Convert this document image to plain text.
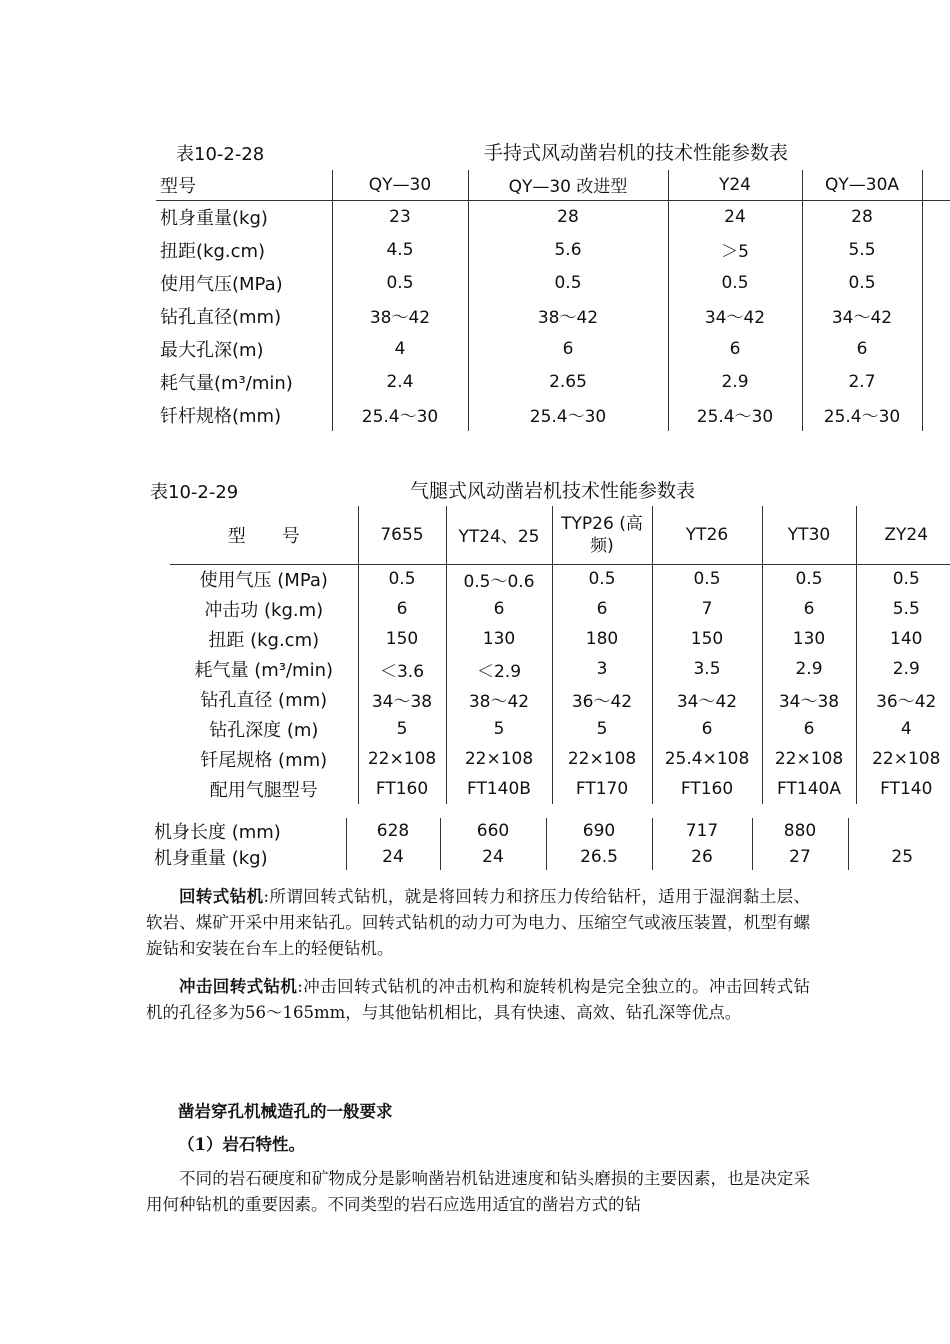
表10-2-28	手持式风动凿岩机的技术性能参数表
型号	QY—30	QY—30 改进型	Y24	QY—30A	
机身重量(kg)	23	28	24	28	
扭距(kg.cm)	4.5	5.6	＞5	5.5	
使用气压(MPa)	0.5	0.5	0.5	0.5	
钻孔直径(mm)	38～42	38～42	34～42	34～42	
最大孔深(m)	4	6	6	6	
耗气量(m³/min)	2.4	2.65	2.9	2.7	
钎杆规格(mm)	25.4～30	25.4～30	25.4～30	25.4～30	
表10-2-29	气腿式风动凿岩机技术性能参数表
型　　号	7655	YT24、25	TYP26 (高频)	YT26	YT30	ZY24
使用气压 (MPa)	0.5	0.5～0.6	0.5	0.5	0.5	0.5
冲击功 (kg.m)	6	6	6	7	6	5.5
扭距 (kg.cm)	150	130	180	150	130	140
耗气量 (m³/min)	＜3.6	＜2.9	3	3.5	2.9	2.9
钻孔直径 (mm)	34～38	38～42	36～42	34～42	34～38	36～42
钻孔深度 (m)	5	5	5	6	6	4
钎尾规格 (mm)	22×108	22×108	22×108	25.4×108	22×108	22×108
配用气腿型号	FT160	FT140B	FT170	FT160	FT140A	FT140
机身长度 (mm)	628	660	690	717	880	
机身重量 (kg)	24	24	26.5	26	27	25
回转式钻机:所谓回转式钻机，就是将回转力和挤压力传给钻杆，适用于湿润黏土层、软岩、煤矿开采中用来钻孔。回转式钻机的动力可为电力、压缩空气或液压装置，机型有螺旋钻和安装在台车上的轻便钻机。
冲击回转式钻机:冲击回转式钻机的冲击机构和旋转机构是完全独立的。冲击回转式钻机的孔径多为56～165mm，与其他钻机相比，具有快速、高效、钻孔深等优点。
凿岩穿孔机械造孔的一般要求
（1）岩石特性。
不同的岩石硬度和矿物成分是影响凿岩机钻进速度和钻头磨损的主要因素，也是决定采用何种钻机的重要因素。不同类型的岩石应选用适宜的凿岩方式的钻
